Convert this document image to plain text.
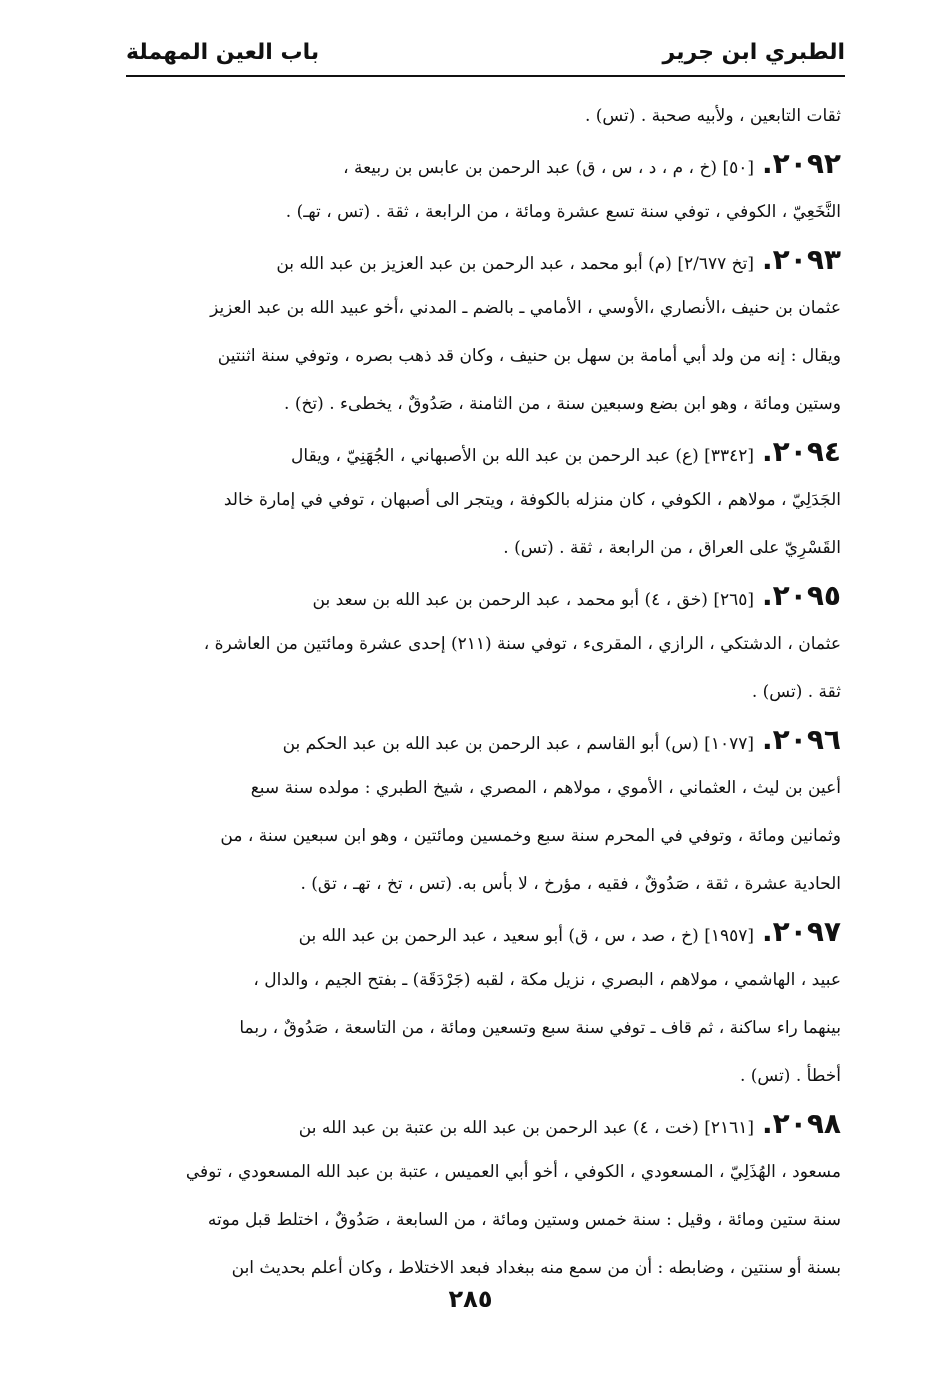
الطبري ابن جرير
باب العين المهملة
ثقات التابعين ، ولأبيه صحبة . (تس) .
٢٠٩٢.[٥٠] (خ ، م ، د ، س ، ق) عبد الرحمن بن عابس بن ربيعة ،
النَّخَعِيّ ، الكوفي ، توفي سنة تسع عشرة ومائة ، من الرابعة ، ثقة . (تس ، تهـ) .
٢٠٩٣.[تخ ٢/٦٧٧] (م) أبو محمد ، عبد الرحمن بن عبد العزيز بن عبد الله بن
عثمان بن حنيف ،الأنصاري ،الأوسي ، الأمامي ـ بالضم ـ المدني ،أخو عبيد الله بن عبد العزيز
ويقال : إنه من ولد أبي أمامة بن سهل بن حنيف ، وكان قد ذهب بصره ، وتوفي سنة اثنتين
وستين ومائة ، وهو ابن بضع وسبعين سنة ، من الثامنة ، صَدُوقٌ ، يخطىء . (تخ) .
٢٠٩٤.[٣٣٤٢] (ع) عبد الرحمن بن عبد الله بن الأصبهاني ، الجُهَنِيّ ، ويقال
الجَدَلِيّ ، مولاهم ، الكوفي ، كان منزله بالكوفة ، ويتجر الى أصبهان ، توفي في إمارة خالد
القَسْرِيّ على العراق ، من الرابعة ، ثقة . (تس) .
٢٠٩٥.[٢٦٥] (خق ، ٤) أبو محمد ، عبد الرحمن بن عبد الله بن سعد بن
عثمان ، الدشتكي ، الرازي ، المقرىء ، توفي سنة (٢١١) إحدى عشرة ومائتين من العاشرة ،
ثقة . (تس) .
٢٠٩٦.[١٠٧٧] (س) أبو القاسم ، عبد الرحمن بن عبد الله بن عبد الحكم بن
أعين بن ليث ، العثماني ، الأموي ، مولاهم ، المصري ، شيخ الطبري : مولده سنة سبع
وثمانين ومائة ، وتوفي في المحرم سنة سبع وخمسين ومائتين ، وهو ابن سبعين سنة ، من
الحادية عشرة ، ثقة ، صَدُوقٌ ، فقيه ، مؤرخ ، لا بأس به. (تس ، تخ ، تهـ ، تق) .
٢٠٩٧.[١٩٥٧] (خ ، صد ، س ، ق) أبو سعيد ، عبد الرحمن بن عبد الله بن
عبيد ، الهاشمي ، مولاهم ، البصري ، نزيل مكة ، لقبه (جَرْدَقَة) ـ بفتح الجيم ، والدال ،
بينهما راء ساكنة ، ثم قاف ـ توفي سنة سبع وتسعين ومائة ، من التاسعة ، صَدُوقٌ ، ربما
أخطأ . (تس) .
٢٠٩٨.[٢١٦١] (خت ، ٤) عبد الرحمن بن عبد الله بن عتبة بن عبد الله بن
مسعود ، الهُذَلِيّ ، المسعودي ، الكوفي ، أخو أبي العميس ، عتبة بن عبد الله المسعودي ، توفي
سنة ستين ومائة ، وقيل : سنة خمس وستين ومائة ، من السابعة ، صَدُوقٌ ، اختلط قبل موته
بسنة أو سنتين ، وضابطه : أن من سمع منه ببغداد فبعد الاختلاط ، وكان أعلم بحديث ابن
٢٨٥
